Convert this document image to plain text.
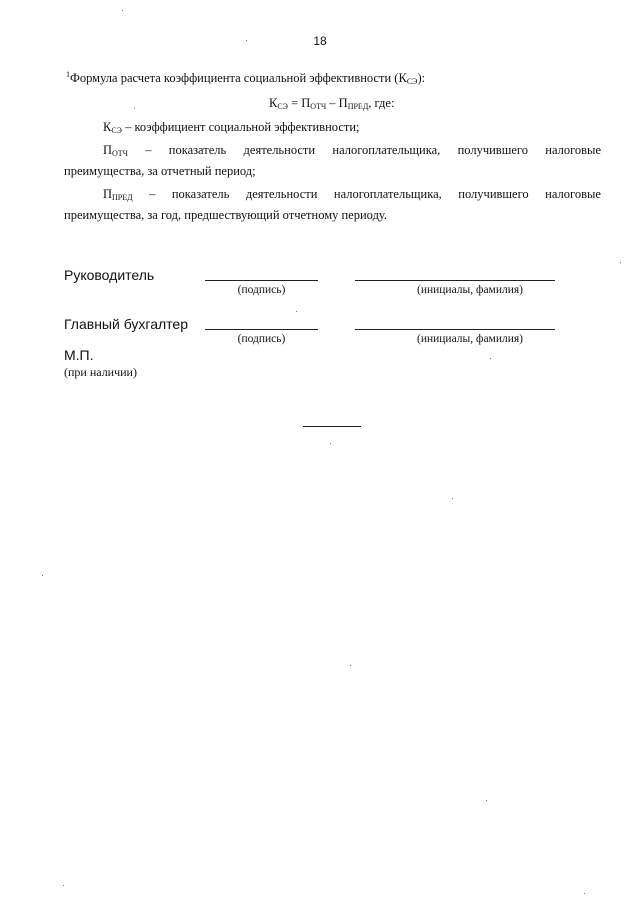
18
$^1$Формула расчета коэффициента социальной эффективности $(К_{СЭ})$:
$К_{СЭ} = П_{ОТЧ} - П_{ПРЕД}$, где:
$К_{СЭ}$ – коэффициент социальной эффективности;
$П_{ОТЧ}$ – показатель деятельности налогоплательщика, получившего налоговые
преимущества, за отчетный период;
$П_{ПРЕД}$ – показатель деятельности налогоплательщика, получившего налоговые
преимущества, за год, предшествующий отчетному периоду.
Руководитель
(подпись)	(инициалы, фамилия)
Главный бухгалтер
(подпись)	(инициалы, фамилия)
М.П.
(при наличии)
